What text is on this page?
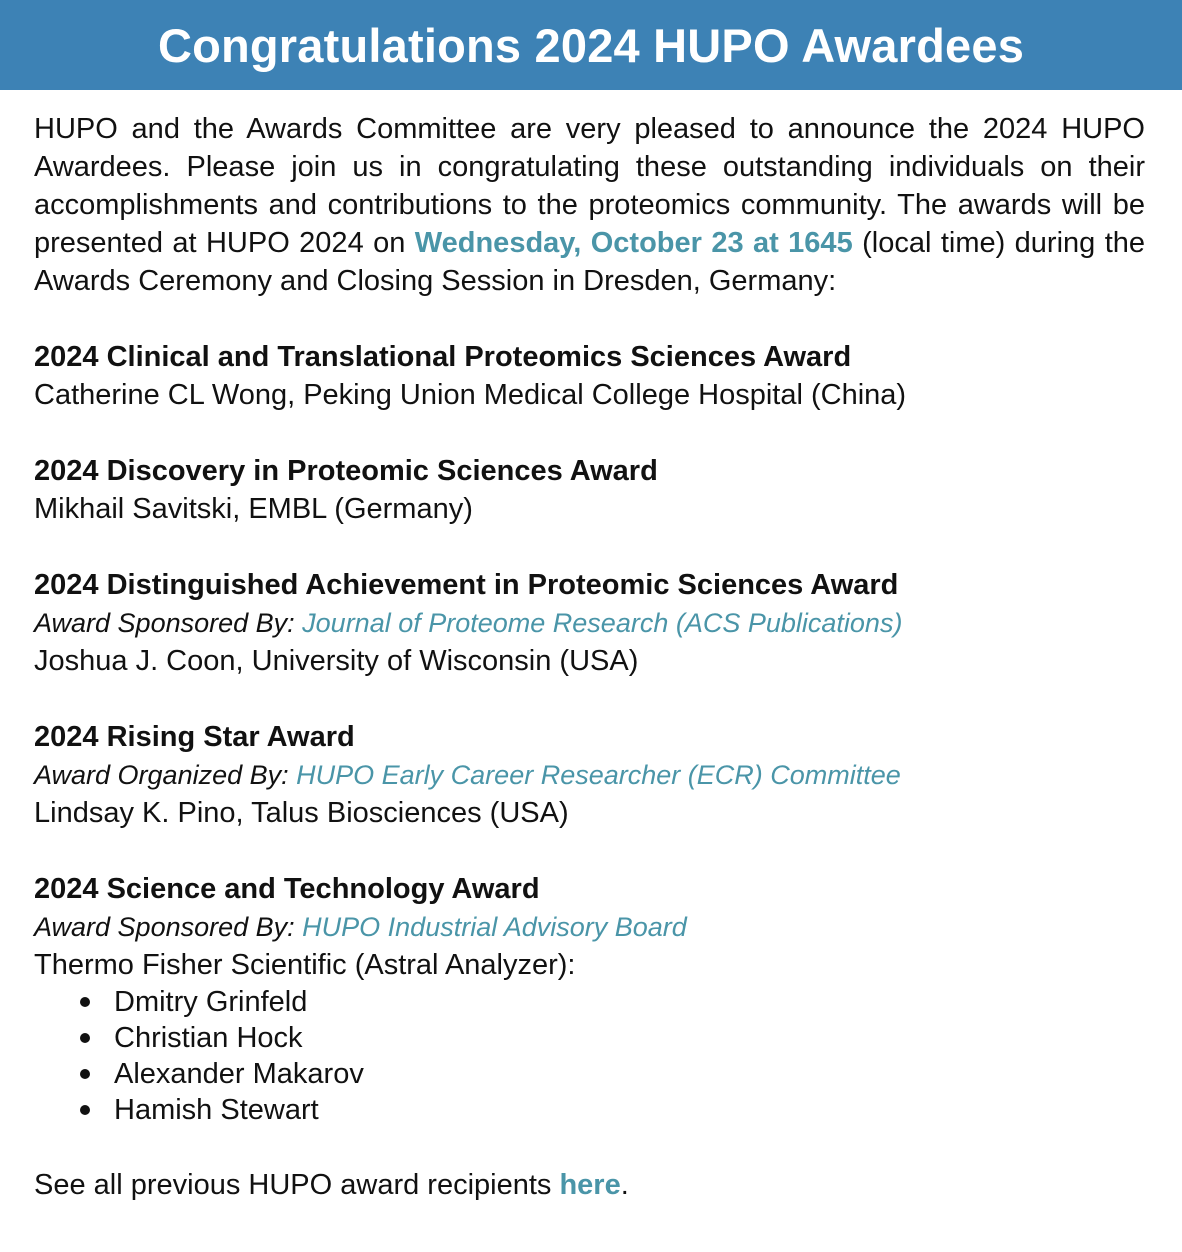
Congratulations 2024 HUPO Awardees

HUPO and the Awards Committee are very pleased to announce the 2024 HUPO Awardees. Please join us in congratulating these outstanding individuals on their accomplishments and contributions to the proteomics community. The awards will be presented at HUPO 2024 on Wednesday, October 23 at 1645 (local time) during the Awards Ceremony and Closing Session in Dresden, Germany:

2024 Clinical and Translational Proteomics Sciences Award
Catherine CL Wong, Peking Union Medical College Hospital (China)
2024 Discovery in Proteomic Sciences Award
Mikhail Savitski, EMBL (Germany)
2024 Distinguished Achievement in Proteomic Sciences Award
Award Sponsored By: Journal of Proteome Research (ACS Publications)
Joshua J. Coon, University of Wisconsin (USA)
2024 Rising Star Award
Award Organized By: HUPO Early Career Researcher (ECR) Committee
Lindsay K. Pino, Talus Biosciences (USA)
2024 Science and Technology Award
Award Sponsored By: HUPO Industrial Advisory Board
Thermo Fisher Scientific (Astral Analyzer):
Dmitry Grinfeld
Christian Hock
Alexander Makarov
Hamish Stewart
See all previous HUPO award recipients here.
